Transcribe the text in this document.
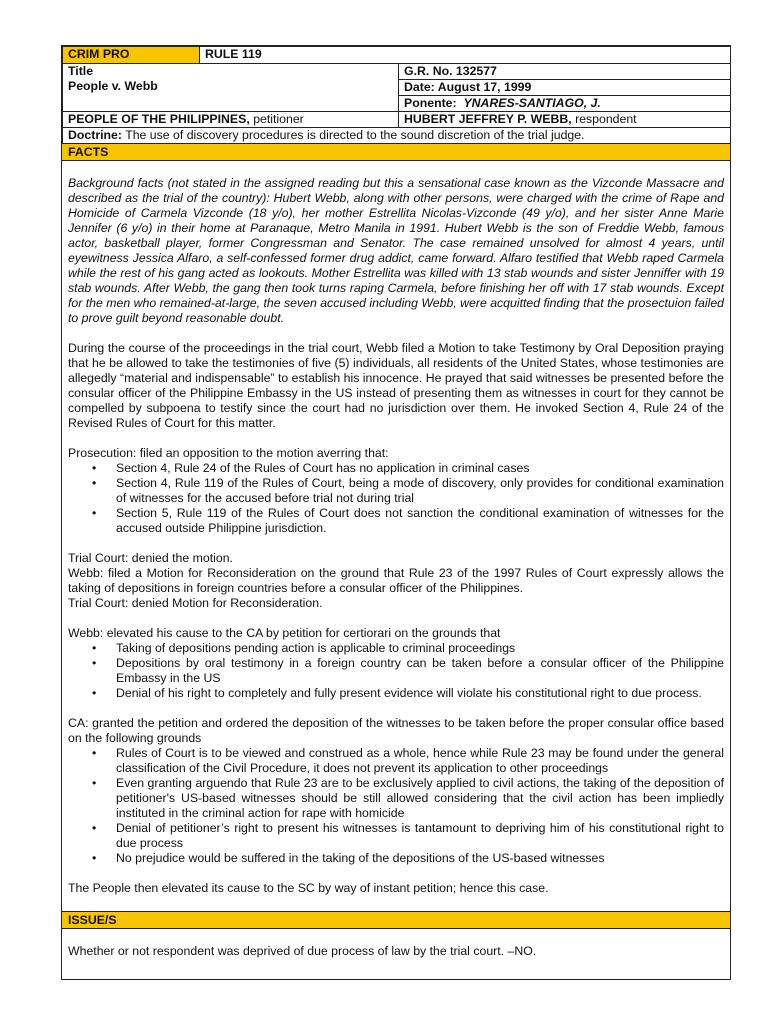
CRIM PRO	RULE 119	

Title
People v. Webb		G.R. No. 132577
		Date: August 17, 1999
		Ponente: YNARES-SANTIAGO, J.
PEOPLE OF THE PHILIPPINES, petitioner		HUBERT JEFFREY P. WEBB, respondent
Doctrine: The use of discovery procedures is directed to the sound discretion of the trial judge.		
FACTS

Background facts (not stated in the assigned reading but this a sensational case known as the Vizconde Massacre and described as the trial of the country): Hubert Webb, along with other persons, were charged with the crime of Rape and Homicide of Carmela Vizconde (18 y/o), her mother Estrellita Nicolas-Vizconde (49 y/o), and her sister Anne Marie Jennifer (6 y/o) in their home at Paranaque, Metro Manila in 1991. Hubert Webb is the son of Freddie Webb, famous actor, basketball player, former Congressman and Senator. The case remained unsolved for almost 4 years, until eyewitness Jessica Alfaro, a self-confessed former drug addict, came forward. Alfaro testified that Webb raped Carmela while the rest of his gang acted as lookouts. Mother Estrellita was killed with 13 stab wounds and sister Jenniffer with 19 stab wounds. After Webb, the gang then took turns raping Carmela, before finishing her off with 17 stab wounds. Except for the men who remained-at-large, the seven accused including Webb, were acquitted finding that the prosectuion failed to prove guilt beyond reasonable doubt.

During the course of the proceedings in the trial court, Webb filed a Motion to take Testimony by Oral Deposition praying that he be allowed to take the testimonies of five (5) individuals, all residents of the United States, whose testimonies are allegedly “material and indispensable” to establish his innocence. He prayed that said witnesses be presented before the consular officer of the Philippine Embassy in the US instead of presenting them as witnesses in court for they cannot be compelled by subpoena to testify since the court had no jurisdiction over them. He invoked Section 4, Rule 24 of the Revised Rules of Court for this matter.

Prosecution: filed an opposition to the motion averring that:

• Section 4, Rule 24 of the Rules of Court has no application in criminal cases
• Section 4, Rule 119 of the Rules of Court, being a mode of discovery, only provides for conditional examination of witnesses for the accused before trial not during trial
• Section 5, Rule 119 of the Rules of Court does not sanction the conditional examination of witnesses for the accused outside Philippine jurisdiction.

Trial Court: denied the motion.

Webb: filed a Motion for Reconsideration on the ground that Rule 23 of the 1997 Rules of Court expressly allows the taking of depositions in foreign countries before a consular officer of the Philippines.

Trial Court: denied Motion for Reconsideration.

Webb: elevated his cause to the CA by petition for certiorari on the grounds that

• Taking of depositions pending action is applicable to criminal proceedings
• Depositions by oral testimony in a foreign country can be taken before a consular officer of the Philippine Embassy in the US
• Denial of his right to completely and fully present evidence will violate his constitutional right to due process.

CA: granted the petition and ordered the deposition of the witnesses to be taken before the proper consular office based on the following grounds

• Rules of Court is to be viewed and construed as a whole, hence while Rule 23 may be found under the general classification of the Civil Procedure, it does not prevent its application to other proceedings
• Even granting arguendo that Rule 23 are to be exclusively applied to civil actions, the taking of the deposition of petitioner's US-based witnesses should be still allowed considering that the civil action has been impliedly instituted in the criminal action for rape with homicide
• Denial of petitioner’s right to present his witnesses is tantamount to depriving him of his constitutional right to due process
• No prejudice would be suffered in the taking of the depositions of the US-based witnesses

The People then elevated its cause to the SC by way of instant petition; hence this case.

ISSUE/S

Whether or not respondent was deprived of due process of law by the trial court. –NO.
